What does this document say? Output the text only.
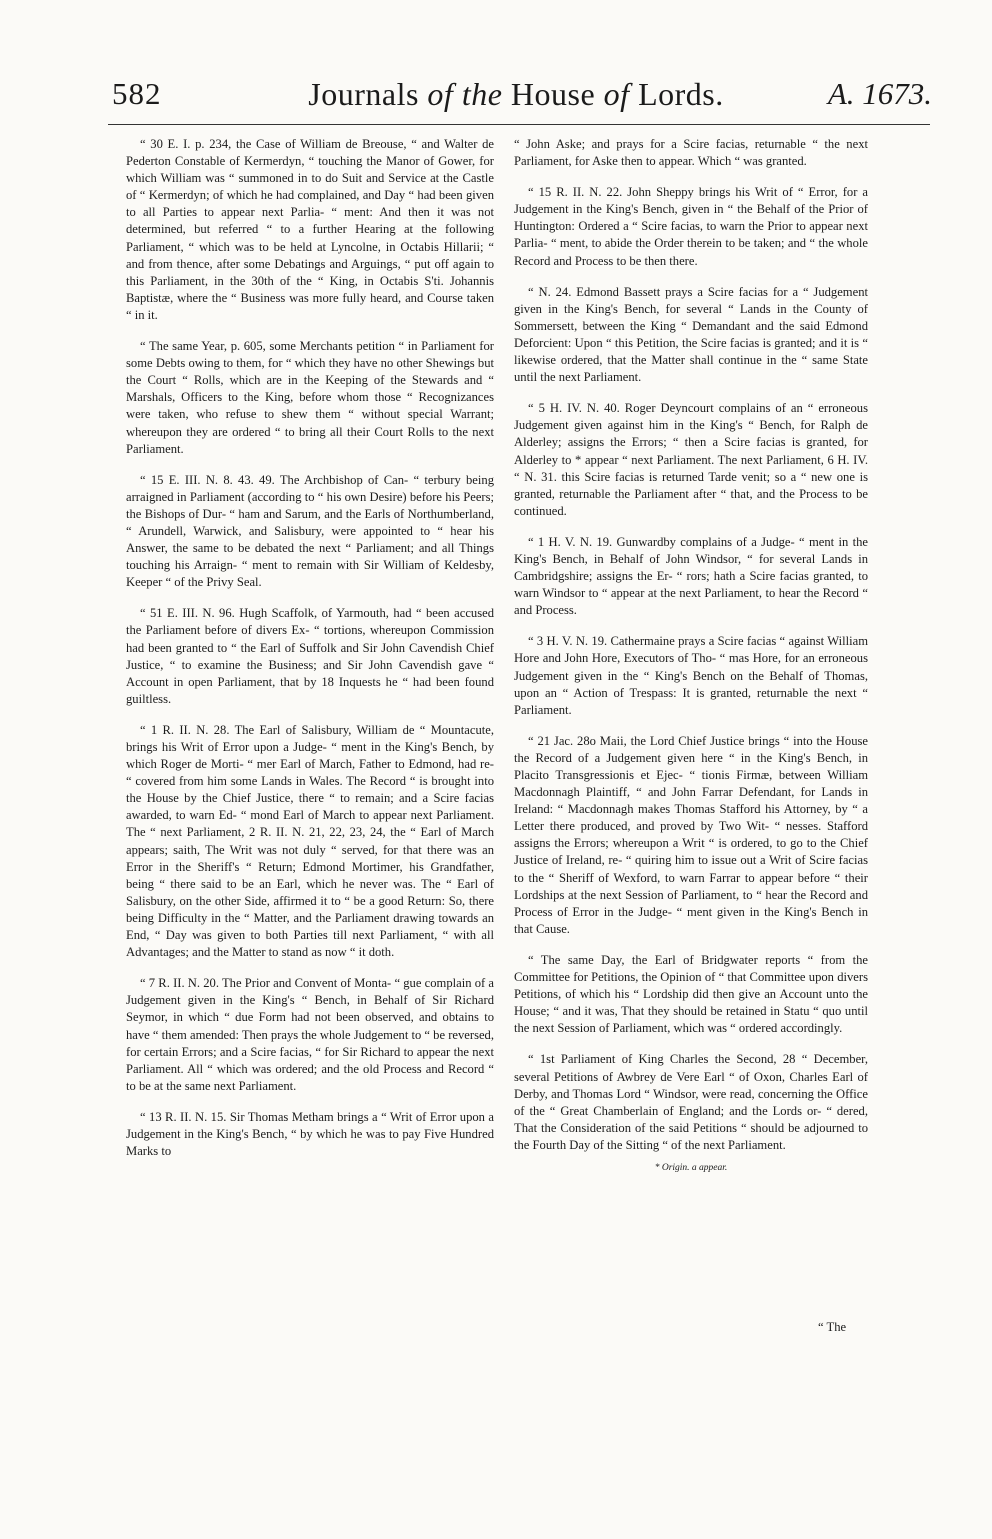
582	Journals of the House of Lords.	A. 1673.

“ 30 E. I. p. 234, the Case of William de Breouse, “ and Walter de Pederton Constable of Kermerdyn, “ touching the Manor of Gower, for which William was “ summoned in to do Suit and Service at the Castle of “ Kermerdyn; of which he had complained, and Day “ had been given to all Parties to appear next Parlia- “ ment: And then it was not determined, but referred “ to a further Hearing at the following Parliament, “ which was to be held at Lyncolne, in Octabis Hillarii; “ and from thence, after some Debatings and Arguings, “ put off again to this Parliament, in the 30th of the “ King, in Octabis S'ti. Johannis Baptistæ, where the “ Business was more fully heard, and Course taken “ in it.

“ The same Year, p. 605, some Merchants petition “ in Parliament for some Debts owing to them, for “ which they have no other Shewings but the Court “ Rolls, which are in the Keeping of the Stewards and “ Marshals, Officers to the King, before whom those “ Recognizances were taken, who refuse to shew them “ without special Warrant; whereupon they are ordered “ to bring all their Court Rolls to the next Parliament.

“ 15 E. III. N. 8. 43. 49. The Archbishop of Can- “ terbury being arraigned in Parliament (according to “ his own Desire) before his Peers; the Bishops of Dur- “ ham and Sarum, and the Earls of Northumberland, “ Arundell, Warwick, and Salisbury, were appointed to “ hear his Answer, the same to be debated the next “ Parliament; and all Things touching his Arraign- “ ment to remain with Sir William of Keldesby, Keeper “ of the Privy Seal.

“ 51 E. III. N. 96. Hugh Scaffolk, of Yarmouth, had “ been accused the Parliament before of divers Ex- “ tortions, whereupon Commission had been granted to “ the Earl of Suffolk and Sir John Cavendish Chief Justice, “ to examine the Business; and Sir John Cavendish gave “ Account in open Parliament, that by 18 Inquests he “ had been found guiltless.

“ 1 R. II. N. 28. The Earl of Salisbury, William de “ Mountacute, brings his Writ of Error upon a Judge- “ ment in the King's Bench, by which Roger de Morti- “ mer Earl of March, Father to Edmond, had re- “ covered from him some Lands in Wales. The Record “ is brought into the House by the Chief Justice, there “ to remain; and a Scire facias awarded, to warn Ed- “ mond Earl of March to appear next Parliament. The “ next Parliament, 2 R. II. N. 21, 22, 23, 24, the “ Earl of March appears; saith, The Writ was not duly “ served, for that there was an Error in the Sheriff's “ Return; Edmond Mortimer, his Grandfather, being “ there said to be an Earl, which he never was. The “ Earl of Salisbury, on the other Side, affirmed it to “ be a good Return: So, there being Difficulty in the “ Matter, and the Parliament drawing towards an End, “ Day was given to both Parties till next Parliament, “ with all Advantages; and the Matter to stand as now “ it doth.

“ 7 R. II. N. 20. The Prior and Convent of Monta- “ gue complain of a Judgement given in the King's “ Bench, in Behalf of Sir Richard Seymor, in which “ due Form had not been observed, and obtains to have “ them amended: Then prays the whole Judgement to “ be reversed, for certain Errors; and a Scire facias, “ for Sir Richard to appear the next Parliament. All “ which was ordered; and the old Process and Record “ to be at the same next Parliament.

“ 13 R. II. N. 15. Sir Thomas Metham brings a “ Writ of Error upon a Judgement in the King's Bench, “ by which he was to pay Five Hundred Marks to

“ John Aske; and prays for a Scire facias, returnable “ the next Parliament, for Aske then to appear. Which “ was granted.

“ 15 R. II. N. 22. John Sheppy brings his Writ of “ Error, for a Judgement in the King's Bench, given in “ the Behalf of the Prior of Huntington: Ordered a “ Scire facias, to warn the Prior to appear next Parlia- “ ment, to abide the Order therein to be taken; and “ the whole Record and Process to be then there.

“ N. 24. Edmond Bassett prays a Scire facias for a “ Judgement given in the King's Bench, for several “ Lands in the County of Sommersett, between the King “ Demandant and the said Edmond Deforcient: Upon “ this Petition, the Scire facias is granted; and it is “ likewise ordered, that the Matter shall continue in the “ same State until the next Parliament.

“ 5 H. IV. N. 40. Roger Deyncourt complains of an “ erroneous Judgement given against him in the King's “ Bench, for Ralph de Alderley; assigns the Errors; “ then a Scire facias is granted, for Alderley to * appear “ next Parliament. The next Parliament, 6 H. IV. “ N. 31. this Scire facias is returned Tarde venit; so a “ new one is granted, returnable the Parliament after “ that, and the Process to be continued.

“ 1 H. V. N. 19. Gunwardby complains of a Judge- “ ment in the King's Bench, in Behalf of John Windsor, “ for several Lands in Cambridgshire; assigns the Er- “ rors; hath a Scire facias granted, to warn Windsor to “ appear at the next Parliament, to hear the Record “ and Process.

“ 3 H. V. N. 19. Cathermaine prays a Scire facias “ against William Hore and John Hore, Executors of Tho- “ mas Hore, for an erroneous Judgement given in the “ King's Bench on the Behalf of Thomas, upon an “ Action of Trespass: It is granted, returnable the next “ Parliament.

“ 21 Jac. 28o Maii, the Lord Chief Justice brings “ into the House the Record of a Judgement given here “ in the King's Bench, in Placito Transgressionis et Ejec- “ tionis Firmæ, between William Macdonnagh Plaintiff, “ and John Farrar Defendant, for Lands in Ireland: “ Macdonnagh makes Thomas Stafford his Attorney, by “ a Letter there produced, and proved by Two Wit- “ nesses. Stafford assigns the Errors; whereupon a Writ “ is ordered, to go to the Chief Justice of Ireland, re- “ quiring him to issue out a Writ of Scire facias to the “ Sheriff of Wexford, to warn Farrar to appear before “ their Lordships at the next Session of Parliament, to “ hear the Record and Process of Error in the Judge- “ ment given in the King's Bench in that Cause.

“ The same Day, the Earl of Bridgwater reports “ from the Committee for Petitions, the Opinion of “ that Committee upon divers Petitions, of which his “ Lordship did then give an Account unto the House; “ and it was, That they should be retained in Statu “ quo until the next Session of Parliament, which was “ ordered accordingly.

“ 1st Parliament of King Charles the Second, 28 “ December, several Petitions of Awbrey de Vere Earl “ of Oxon, Charles Earl of Derby, and Thomas Lord “ Windsor, were read, concerning the Office of the “ Great Chamberlain of England; and the Lords or- “ dered, That the Consideration of the said Petitions “ should be adjourned to the Fourth Day of the Sitting “ of the next Parliament.

* Origin. a appear.
“ The
